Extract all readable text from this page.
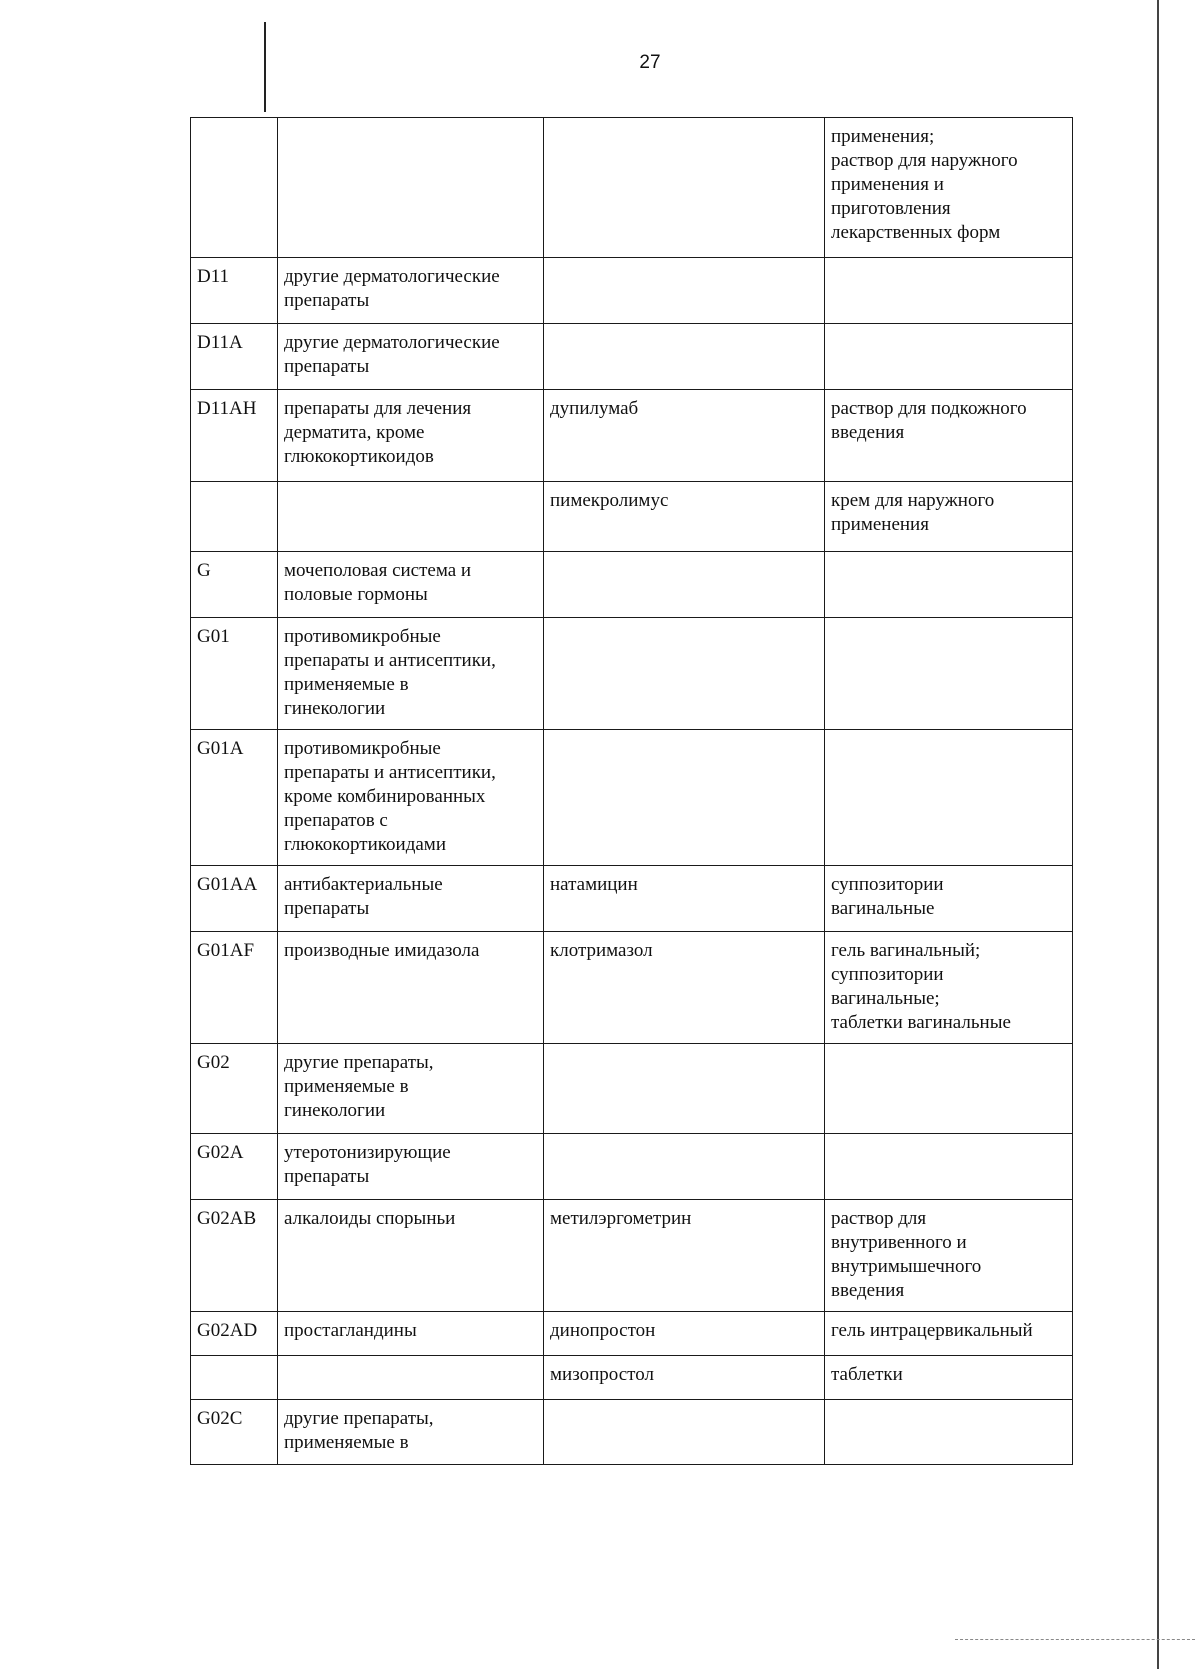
27

			применения;
раствор для наружного
применения и
приготовления
лекарственных форм

D11	другие дерматологические
препараты		

D11A	другие дерматологические
препараты		

D11AH	препараты для лечения
дерматита, кроме
глюкокортикоидов	дупилумаб	раствор для подкожного
введения

		пимекролимус	крем для наружного
применения

G	мочеполовая система и
половые гормоны		

G01	противомикробные
препараты и антисептики,
применяемые в
гинекологии		

G01A	противомикробные
препараты и антисептики,
кроме комбинированных
препаратов с
глюкокортикоидами		

G01AA	антибактериальные
препараты	натамицин	суппозитории
вагинальные

G01AF	производные имидазола	клотримазол	гель вагинальный;
суппозитории
вагинальные;
таблетки вагинальные

G02	другие препараты,
применяемые в
гинекологии		

G02A	утеротонизирующие
препараты		

G02AB	алкалоиды спорыньи	метилэргометрин	раствор для
внутривенного и
внутримышечного
введения

G02AD	простагландины	динопростон	гель интрацервикальный

		мизопростол	таблетки

G02C	другие препараты,
применяемые в		
